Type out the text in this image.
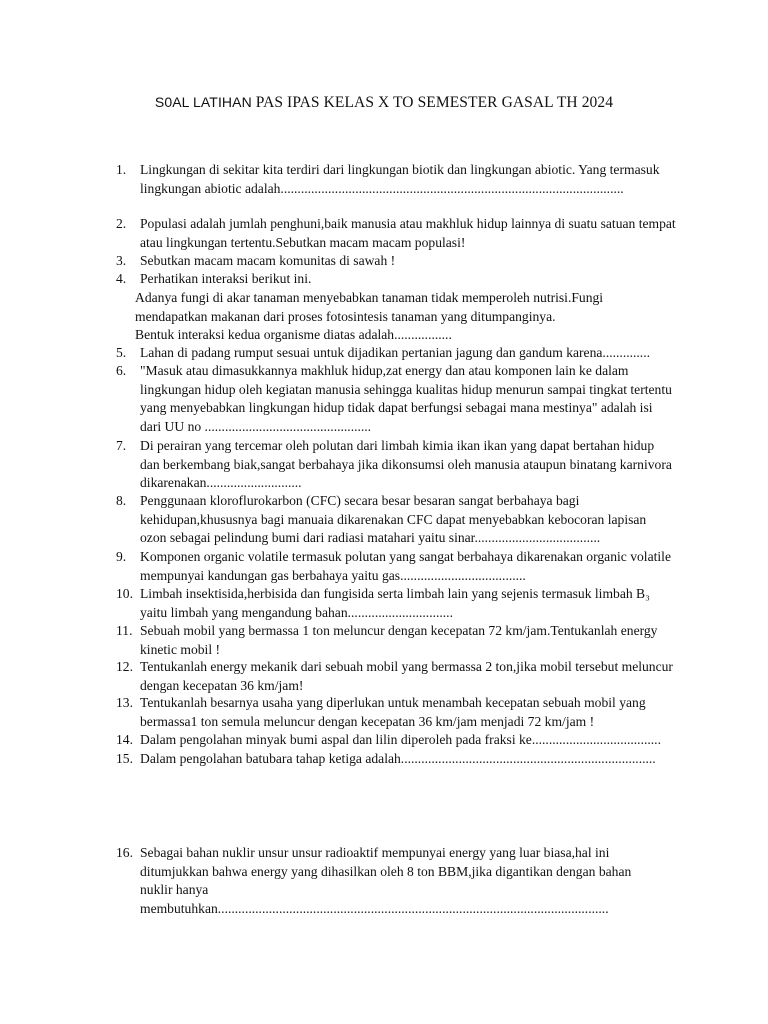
S0AL LATIHAN PAS IPAS KELAS X TO SEMESTER GASAL TH 2024
1.	Lingkungan di sekitar kita terdiri dari lingkungan biotik dan lingkungan abiotic. Yang termasuk lingkungan abiotic adalah.....................................................................................................
2.	Populasi adalah jumlah penghuni,baik manusia atau makhluk hidup lainnya di suatu satuan tempat atau lingkungan tertentu.Sebutkan macam macam populasi!
3.	Sebutkan macam macam komunitas di sawah !
4.	Perhatikan interaksi berikut ini.
Adanya fungi di akar tanaman menyebabkan tanaman tidak memperoleh nutrisi.Fungi mendapatkan makanan dari proses fotosintesis tanaman yang ditumpanginya.
Bentuk interaksi kedua organisme diatas adalah.................
5.	Lahan di padang rumput sesuai untuk dijadikan pertanian jagung dan gandum karena..............
6.	"Masuk atau dimasukkannya makhluk hidup,zat energy dan atau komponen lain ke dalam lingkungan hidup oleh kegiatan manusia sehingga kualitas hidup menurun sampai tingkat tertentu yang menyebabkan lingkungan hidup tidak dapat berfungsi sebagai mana mestinya" adalah isi dari UU no .................................................
7.	Di perairan yang tercemar oleh polutan dari limbah kimia ikan ikan yang dapat bertahan hidup dan berkembang biak,sangat berbahaya jika dikonsumsi oleh manusia ataupun binatang karnivora dikarenakan............................
8.	Penggunaan kloroflurokarbon (CFC) secara besar besaran sangat berbahaya bagi kehidupan,khususnya bagi manuaia dikarenakan CFC dapat menyebabkan kebocoran lapisan ozon sebagai pelindung bumi dari radiasi matahari yaitu sinar.....................................
9.	Komponen organic volatile termasuk polutan yang sangat berbahaya dikarenakan organic volatile mempunyai kandungan gas berbahaya yaitu gas.....................................
10. Limbah insektisida,herbisida dan fungisida serta limbah lain yang sejenis termasuk limbah B₃ yaitu limbah yang mengandung bahan...............................
11. Sebuah mobil yang bermassa 1 ton meluncur dengan kecepatan 72 km/jam.Tentukanlah energy kinetic mobil !
12. Tentukanlah energy mekanik dari sebuah mobil yang bermassa 2 ton,jika mobil tersebut meluncur dengan kecepatan 36 km/jam!
13. Tentukanlah besarnya usaha yang diperlukan untuk menambah kecepatan sebuah mobil yang bermassa1 ton semula meluncur dengan kecepatan 36 km/jam menjadi 72 km/jam !
14. Dalam pengolahan minyak bumi aspal dan lilin diperoleh pada fraksi ke......................................
15. Dalam pengolahan batubara tahap ketiga adalah...........................................................................
16. Sebagai bahan nuklir unsur unsur radioaktif mempunyai energy yang luar biasa,hal ini ditumjukkan bahwa energy yang dihasilkan oleh 8 ton BBM,jika digantikan dengan bahan nuklir hanya
membutuhkan...................................................................................................................
